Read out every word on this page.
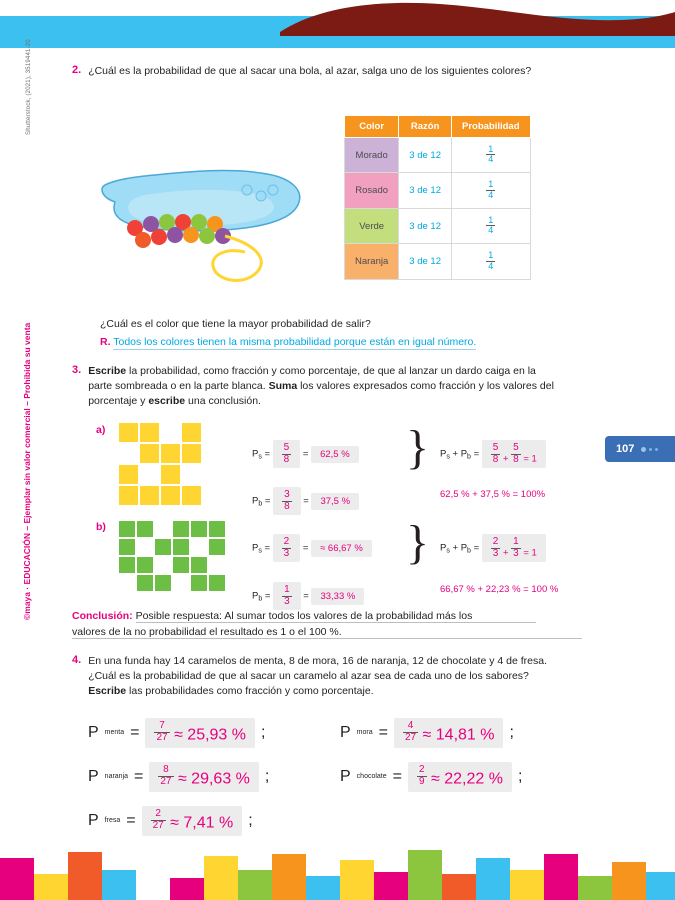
Shutterstock, (2021), 3519441-20
©maya · EDUCACIÓN – Ejemplar sin valor comercial – Prohibida su venta	107
2. ¿Cuál es la probabilidad de que al sacar una bola, al azar, salga uno de los siguientes colores?
Color	Razón	Probabilidad
Morado	3 de 12	$\frac{1}{4}$

Rosado	3 de 12	$\frac{1}{4}$

Verde	3 de 12	$\frac{1}{4}$

Naranja	3 de 12	$\frac{1}{4}$
¿Cuál es el color que tiene la mayor probabilidad de salir?
R. Todos los colores tienen la misma probabilidad porque están en igual número.
3. Escribe la probabilidad, como fracción y como porcentaje, de que al lanzar un dardo caiga en la parte sombreada o en la parte blanca. Suma los valores expresados como fracción y los valores del porcentaje y escribe una conclusión.
a)
$P_s = \frac{5}{8} = 62,5$ %
$P_b = \frac{3}{8} = 37,5$ %
} $P_s + P_b = \frac{5}{8} + \frac{5}{8} = 1$
62,5 % + 37,5 % = 100%
b)
$P_s = \frac{2}{3}$ = ≈ 66,67 %
$P_b = \frac{1}{3} = 33,33$ %
} $P_s + P_b = \frac{2}{3} + \frac{1}{3} = 1$
66,67 % + 22,23 % = 100 %
Conclusión: Posible respuesta: Al sumar todos los valores de la probabilidad más los valores de la no probabilidad el resultado es 1 o el 100 %.
4. En una funda hay 14 caramelos de menta, 8 de mora, 16 de naranja, 12 de chocolate y 4 de fresa. ¿Cuál es la probabilidad de que al sacar un caramelo al azar sea de cada uno de los sabores? Escribe las probabilidades como fracción y como porcentaje.
P menta = $\frac{7}{27} \approx 25,93$ % ;	P mora = $\frac{4}{27} \approx 14,81$ % ;
P naranja = $\frac{8}{27} \approx 29,63$ % ;	P chocolate = $\frac{2}{9} \approx 22,22$ % ;
P fresa = $\frac{2}{27} \approx 7,41$ % ;
